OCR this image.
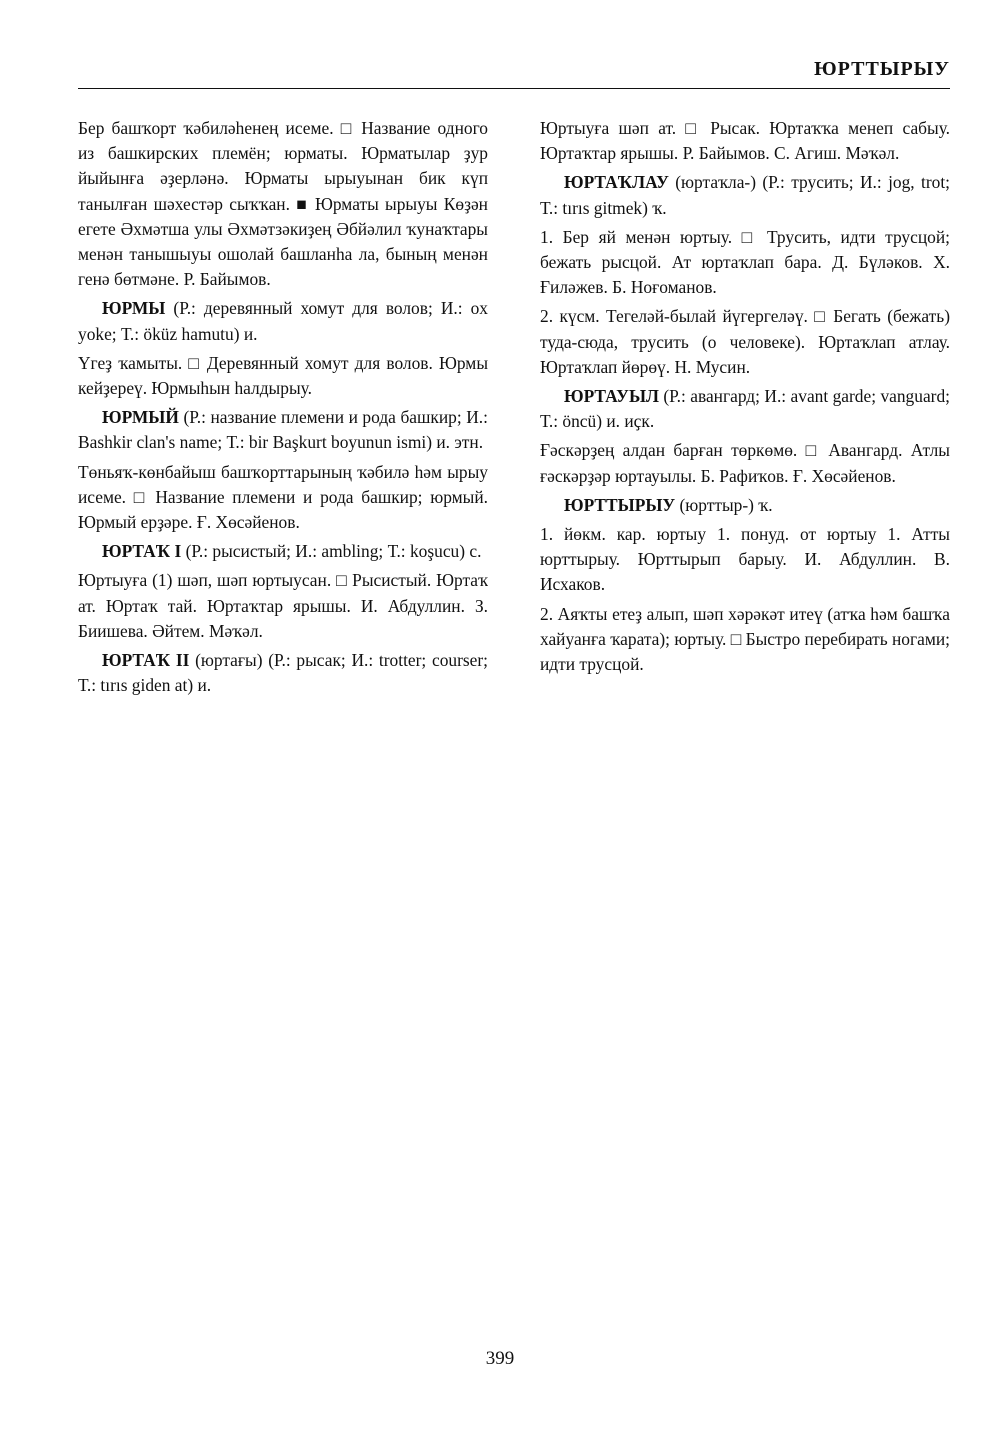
ЮРТТЫРЫУ

Бер башҡорт ҡәбиләһенең исеме. □ Название одного из башкирских племён; юрматы. Юрматылар ҙур йыйынға әҙерләнә. Юрматы ырыуынан бик күп танылған шәхестәр сыҡҡан. ■ Юрматы ырыуы Көҙән егете Әхмәтша улы Әхмәтзәкиҙең Әбйәлил ҡунаҡтары менән танышыуы ошолай башланһа ла, бының менән генә бөтмәне. Р. Байымов.

ЮРМЫ (Р.: деревянный хомут для волов; И.: ox yoke; Т.: öküz hamutu) и.

Үгеҙ ҡамыты. □ Деревянный хомут для волов. Юрмы кейҙереү. Юрмыһын һалдырыу.

ЮРМЫЙ (Р.: название племени и рода башкир; И.: Bashkir clan's name; Т.: bir Başkurt boyunun ismi) и. этн.

Төньяҡ-көнбайыш башҡорттарының ҡәбилә һәм ырыу исеме. □ Название племени и рода башкир; юрмый. Юрмый ерҙәре. Ғ. Хөсәйенов.

ЮРТАҠ I (Р.: рысистый; И.: ambling; Т.: koşucu) с.

Юртыуға (1) шәп, шәп юртыусан. □ Рысистый. Юртаҡ ат. Юртаҡ тай. Юртаҡтар ярышы. И. Абдуллин. З. Биишева. Әйтем. Мәҡәл.

ЮРТАҠ II (юртағы) (Р.: рысак; И.: trotter; courser; Т.: tırıs giden at) и.

Юртыуға шәп ат. □ Рысак. Юртаҡҡа менеп сабыу. Юртаҡтар ярышы. Р. Байымов. С. Агиш. Мәҡәл.

ЮРТАҠЛАУ (юртаҡла-) (Р.: трусить; И.: jog, trot; Т.: tırıs gitmek) ҡ.

1. Бер яй менән юртыу. □ Трусить, идти трусцой; бежать рысцой. Ат юртаҡлап бара. Д. Бүләков. Х. Ғиләжев. Б. Ноғоманов.

2. күсм. Тегеләй-былай йүгергеләү. □ Бегать (бежать) туда-сюда, трусить (о человеке). Юртаҡлап атлау. Юртаҡлап йөрөү. Н. Мусин.

ЮРТАУЫЛ (Р.: авангард; И.: avant garde; vanguard; Т.: öncü) и. иҫк.

Ғәскәрҙең алдан барған төркөмө. □ Авангард. Атлы ғәскәрҙәр юртауылы. Б. Рафиҡов. Ғ. Хөсәйенов.

ЮРТТЫРЫУ (юрттыр-) ҡ.

1. йөкм. кар. юртыу 1. понуд. от юртыу 1. Атты юрттырыу. Юрттырып барыу. И. Абдуллин. В. Исхаков.

2. Аяҡты етеҙ алып, шәп хәрәкәт итеү (атҡа һәм башҡа хайуанға ҡарата); юртыу. □ Быстро перебирать ногами; идти трусцой.

399
